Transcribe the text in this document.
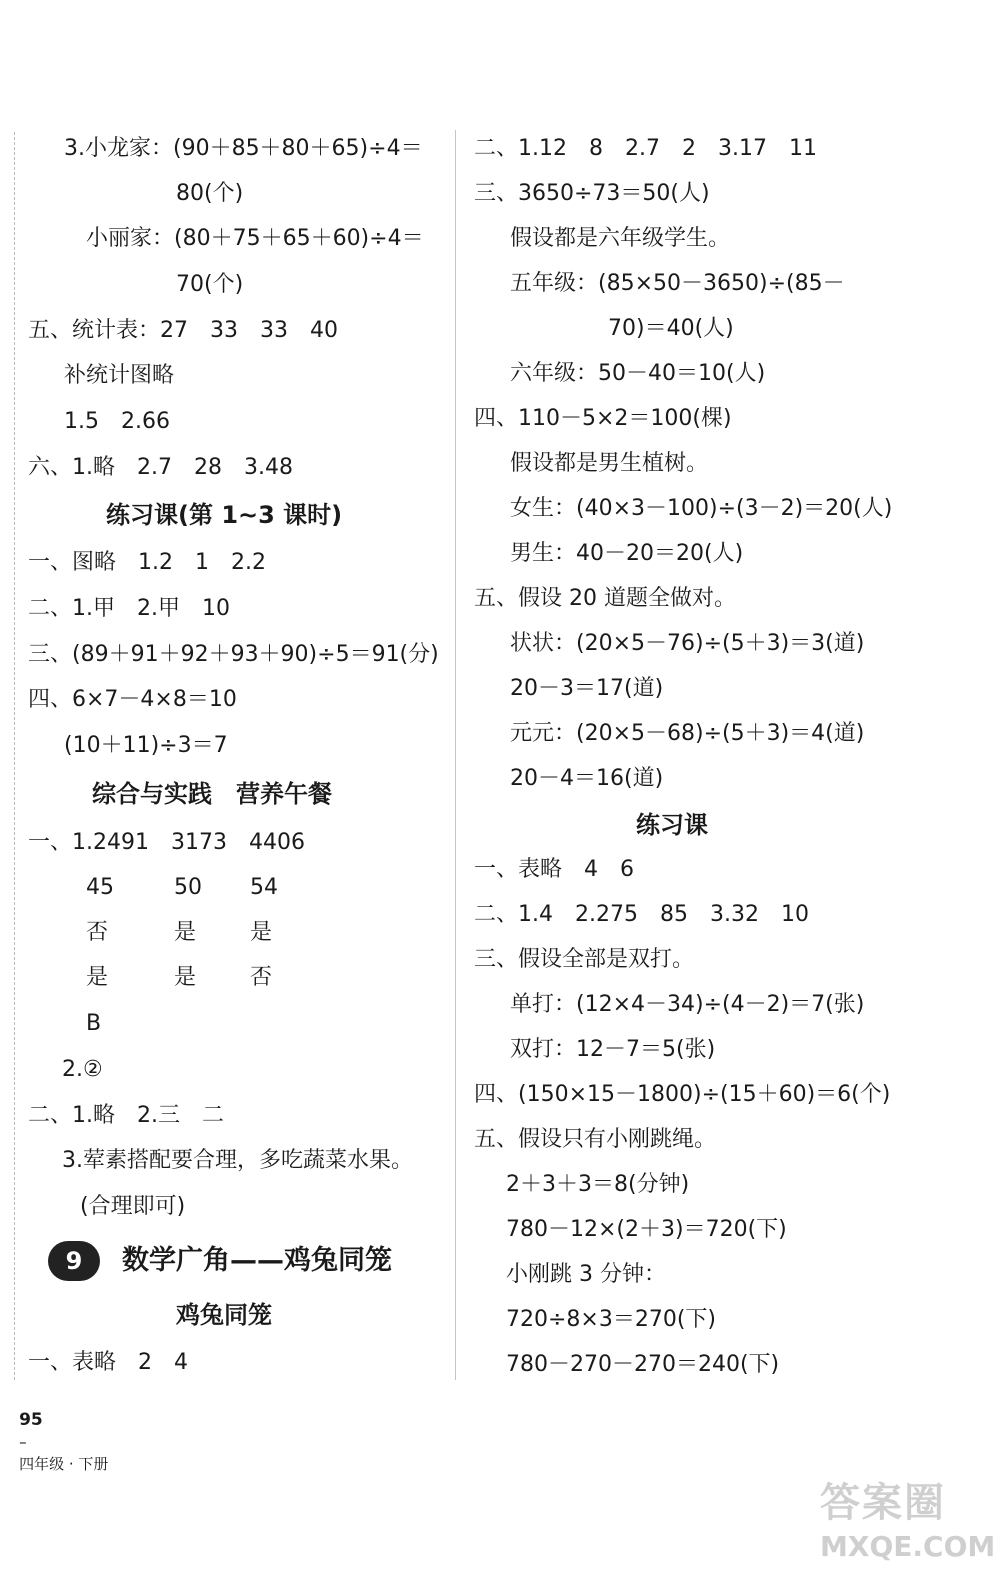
3.小龙家：(90＋85＋80＋65)÷4＝
80(个)
小丽家：(80＋75＋65＋60)÷4＝
70(个)
五、统计表：27　33　33　40
补统计图略
1.5　2.66
六、1.略　2.7　28　3.48
练习课(第 1~3 课时)
一、图略　1.2　1　2.2
二、1.甲　2.甲　10
三、(89＋91＋92＋93＋90)÷5＝91(分)
四、6×7－4×8＝10
(10＋11)÷3＝7
综合与实践　营养午餐
一、1.2491　3173　4406
45	50 54
否	是 是
是	是 否
B
2.②
二、1.略　2.三　二
3.荤素搭配要合理，多吃蔬菜水果。
(合理即可)
9	数学广角——鸡兔同笼
鸡兔同笼
一、表略　2　4
二、1.12　8　2.7　2　3.17　11
三、3650÷73＝50(人)
假设都是六年级学生。
五年级：(85×50－3650)÷(85－
70)＝40(人)
六年级：50－40＝10(人)
四、110－5×2＝100(棵)
假设都是男生植树。
女生：(40×3－100)÷(3－2)＝20(人)
男生：40－20＝20(人)
五、假设 20 道题全做对。
状状：(20×5－76)÷(5＋3)＝3(道)
20－3＝17(道)
元元：(20×5－68)÷(5＋3)＝4(道)
20－4＝16(道)
练习课
一、表略　4　6
二、1.4　2.275　85　3.32　10
三、假设全部是双打。
单打：(12×4－34)÷(4－2)＝7(张)
双打：12－7＝5(张)
四、(150×15－1800)÷(15＋60)＝6(个)
五、假设只有小刚跳绳。
2＋3＋3＝8(分钟)
780－12×(2＋3)＝720(下)
小刚跳 3 分钟：
720÷8×3＝270(下)
780－270－270＝240(下)

95
–
四年级 · 下册

答案圈
MXQE.COM
